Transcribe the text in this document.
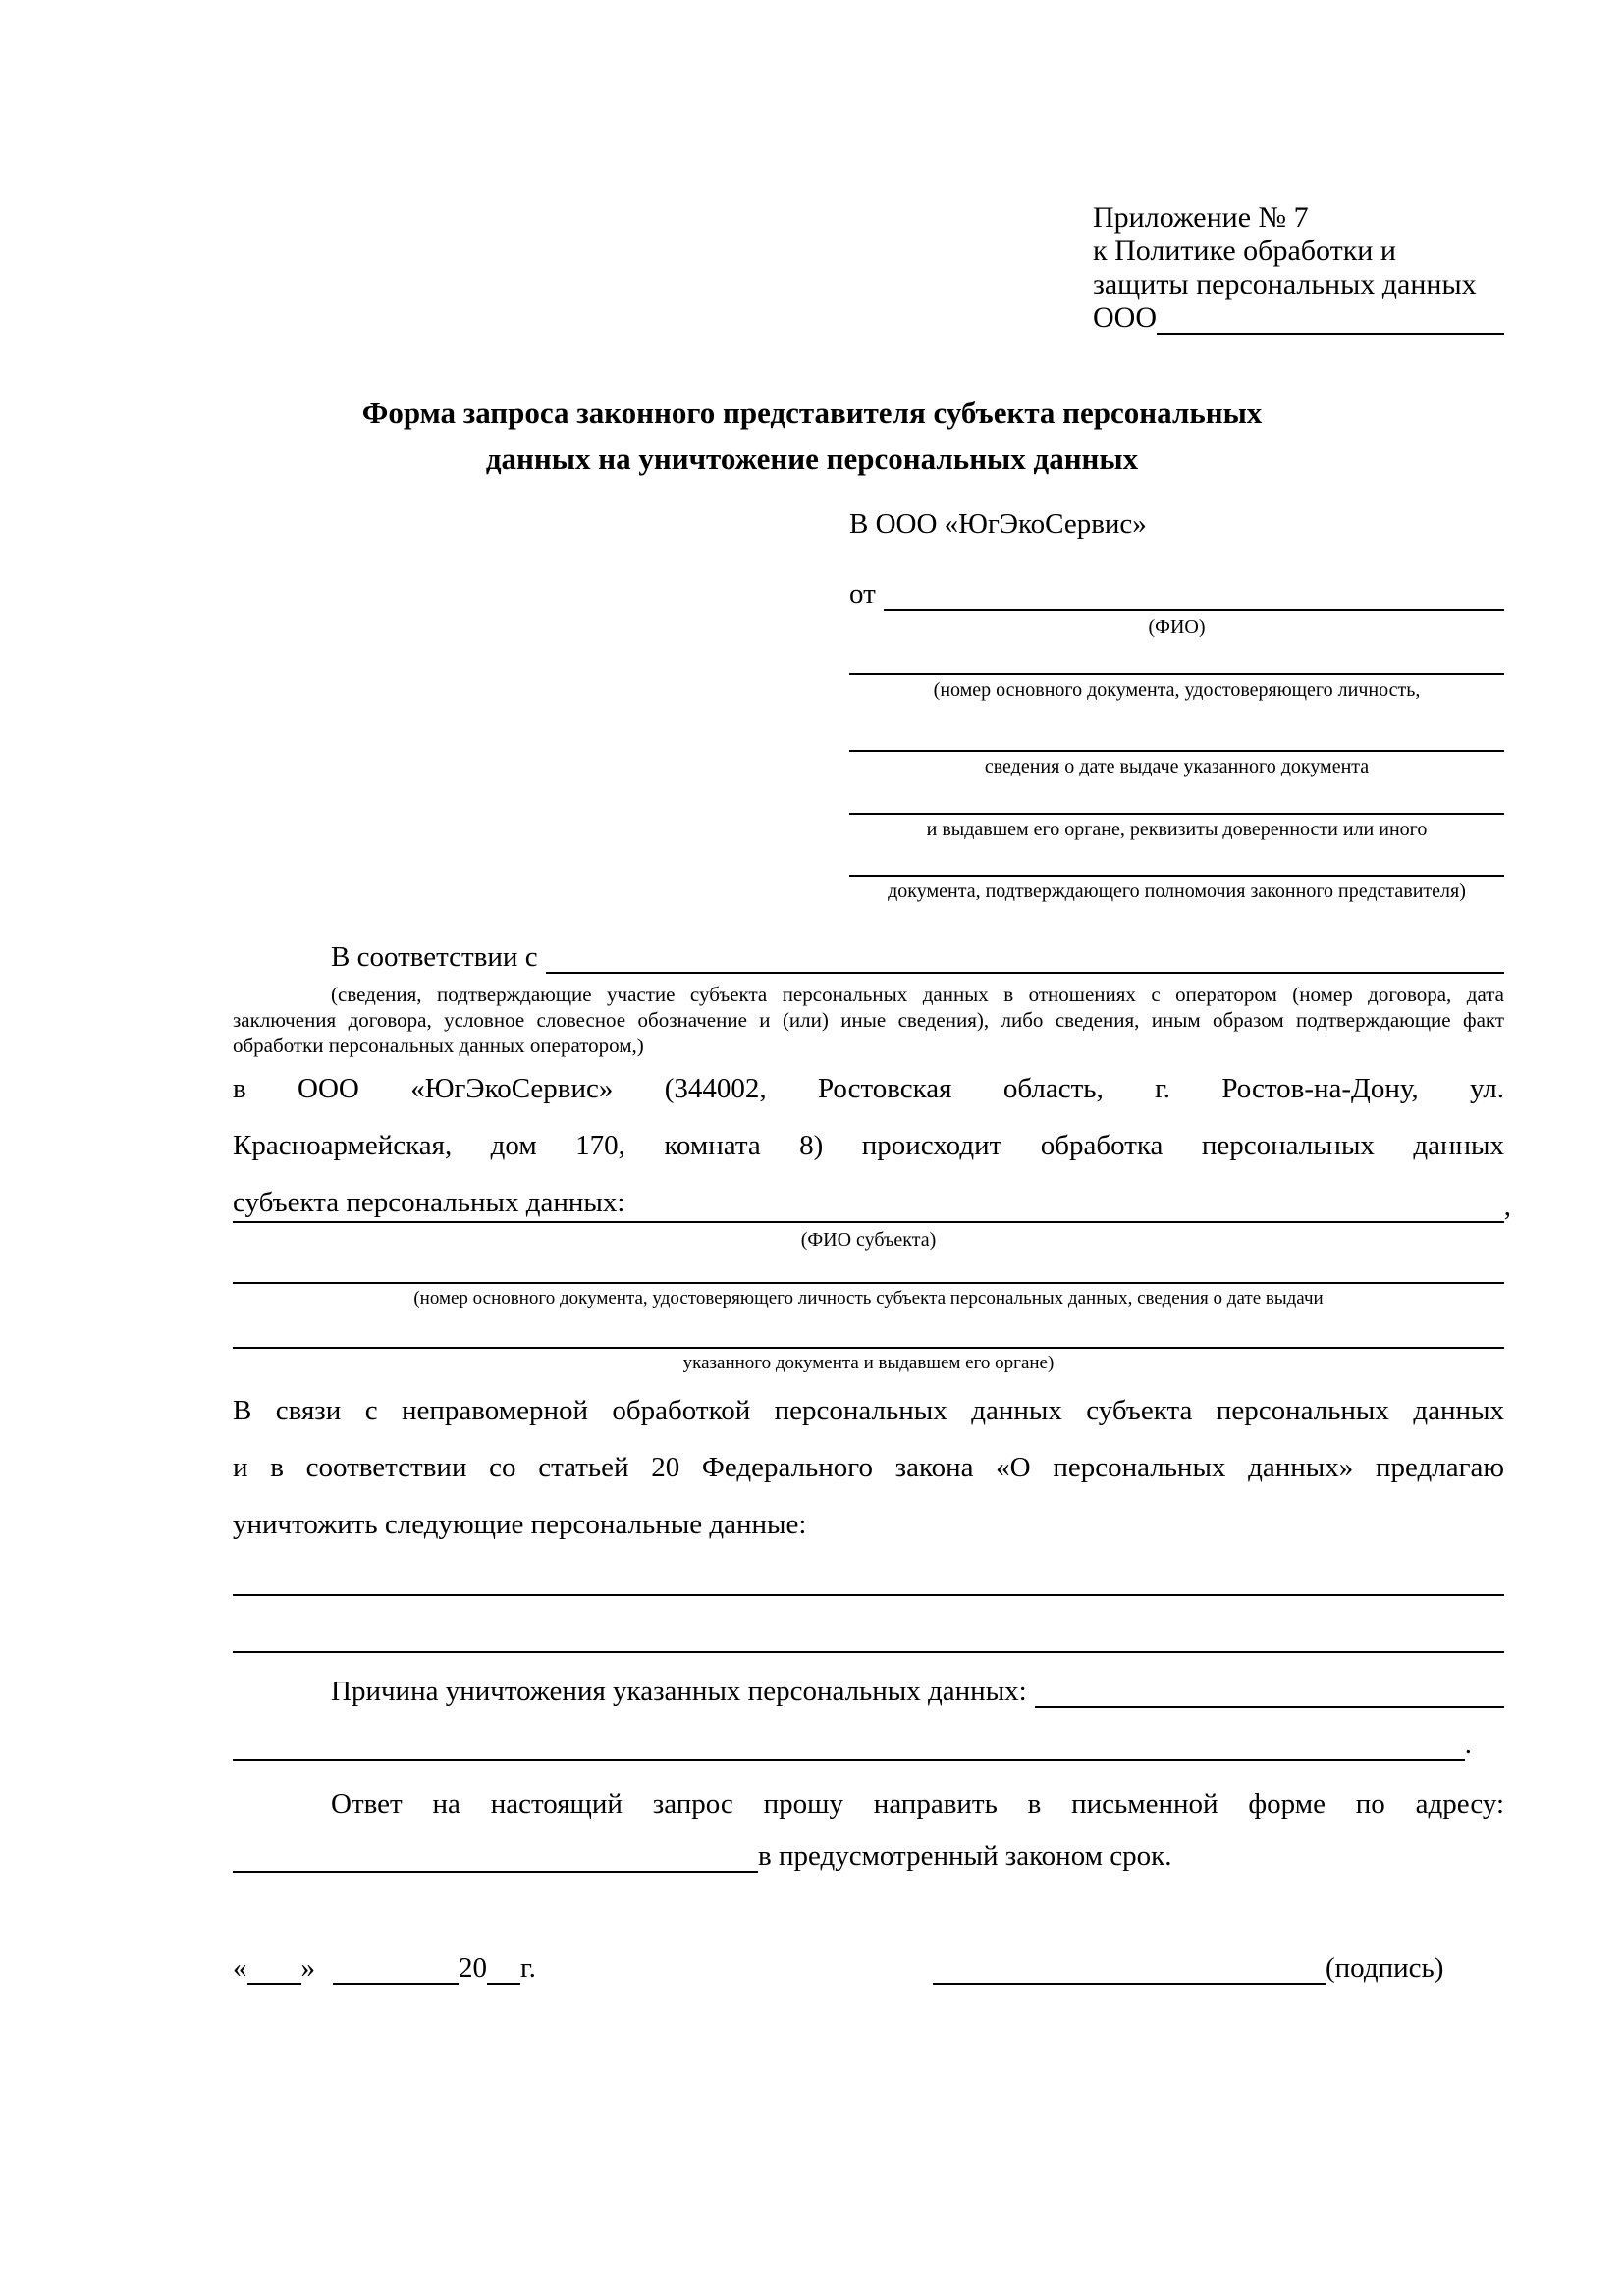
Приложение № 7
к Политике обработки и
защиты персональных данных
ООО
Форма запроса законного представителя субъекта персональных
данных на уничтожение персональных данных
В ООО «ЮгЭкоСервис»
от
(ФИО)
(номер основного документа, удостоверяющего личность,
сведения о дате выдаче указанного документа
и выдавшем его органе, реквизиты доверенности или иного
документа, подтверждающего полномочия законного представителя)
В соответствии с
(сведения, подтверждающие участие субъекта персональных данных в отношениях с оператором (номер договора, дата
заключения договора, условное словесное обозначение и (или) иные сведения), либо сведения, иным образом подтверждающие факт
обработки персональных данных оператором,)
в ООО «ЮгЭкоСервис» (344002, Ростовская область, г. Ростов-на-Дону, ул.
Красноармейская, дом 170, комната 8) происходит обработка персональных данных
субъекта персональных данных:	,
(ФИО субъекта)
(номер основного документа, удостоверяющего личность субъекта персональных данных, сведения о дате выдачи
указанного документа и выдавшем его органе)
В связи с неправомерной обработкой персональных данных субъекта персональных данных
и в соответствии со статьей 20 Федерального закона «О персональных данных» предлагаю
уничтожить следующие персональные данные:
Причина уничтожения указанных персональных данных:
.
Ответ на настоящий запрос прошу направить в письменной форме по адресу:
в предусмотренный законом срок.
« »	20 г.	(подпись)
